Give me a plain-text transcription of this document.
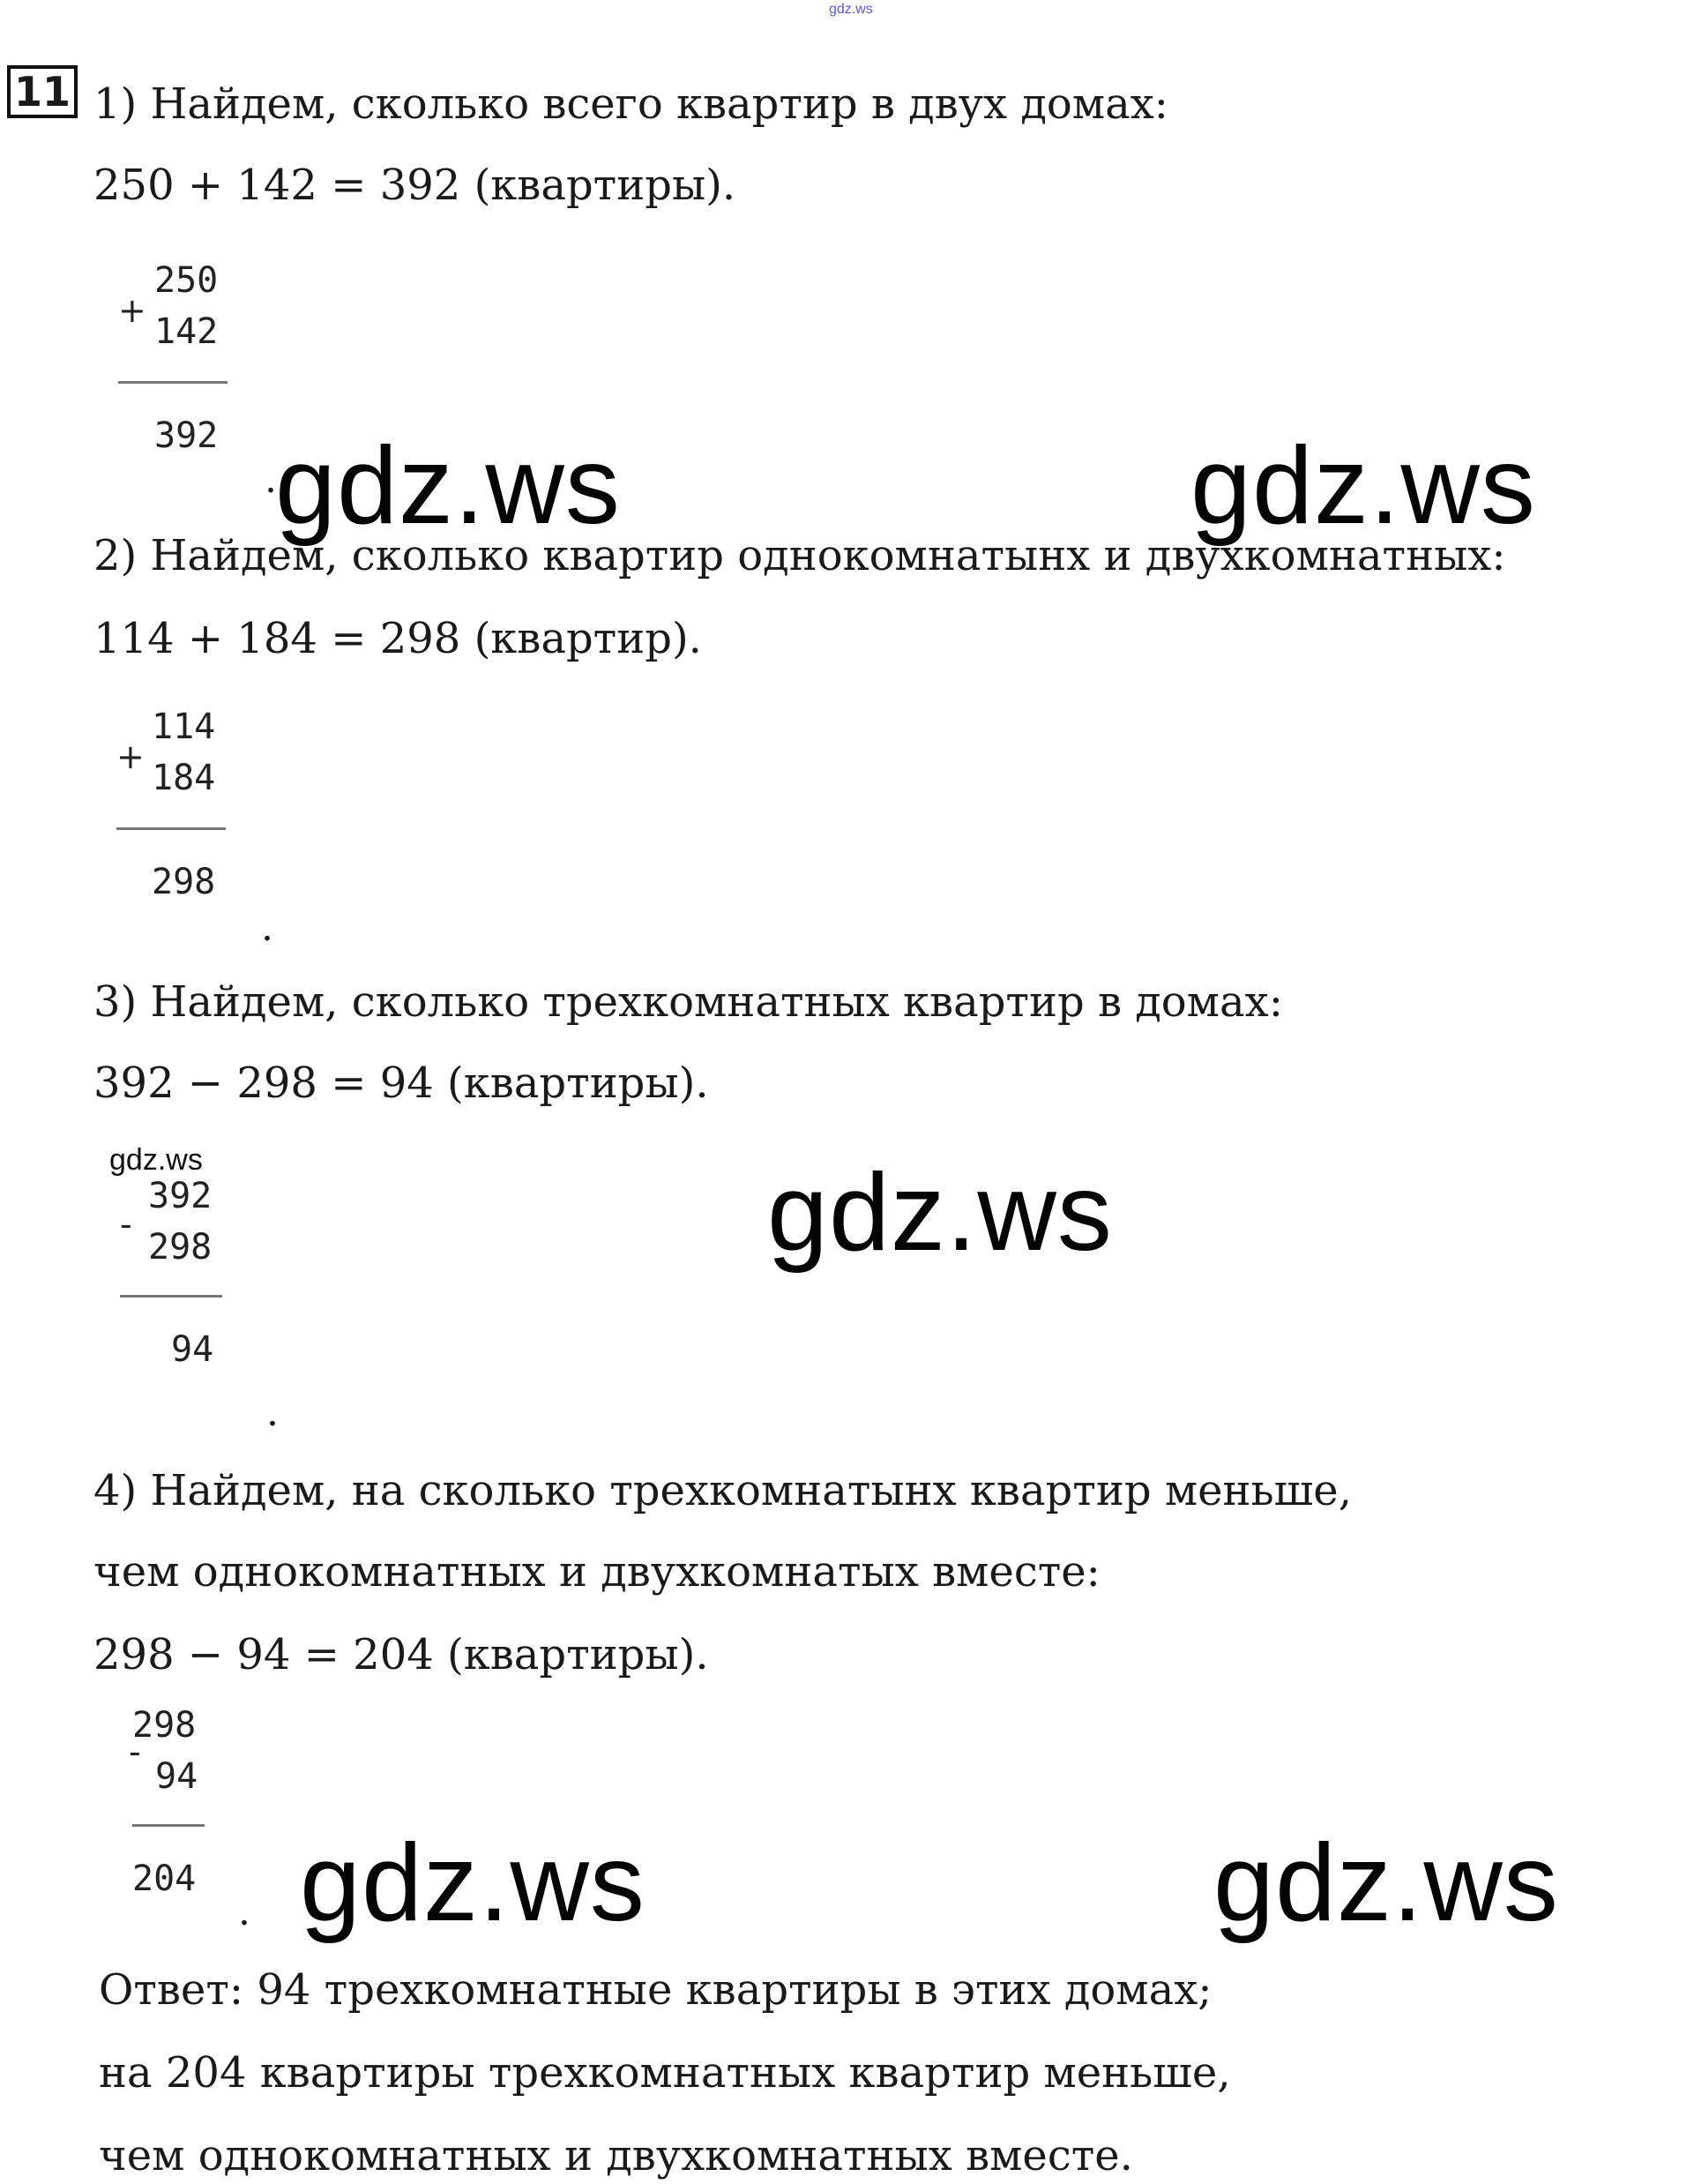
gdz.ws
11 1) Найдем, сколько всего квартир в двух домах:
250 + 142 = 392 (квартиры).
250
+
142
392
.
2) Найдем, сколько квартир однокомнатынх и двухкомнатных:
114 + 184 = 298 (квартир).
114
+
184
298
.
3) Найдем, сколько трехкомнатных квартир в домах:
392 − 298 = 94 (квартиры).
gdz.ws
392
-
298
94
.
4) Найдем, на сколько трехкомнатынх квартир меньше,
чем однокомнатных и двухкомнатых вместе:
298 − 94 = 204 (квартиры).
298
-
94
204
.
Ответ: 94 трехкомнатные квартиры в этих домах;
на 204 квартиры трехкомнатных квартир меньше,
чем однокомнатных и двухкомнатных вместе.
gdz.ws	gdz.ws
gdz.ws
gdz.ws	gdz.ws
